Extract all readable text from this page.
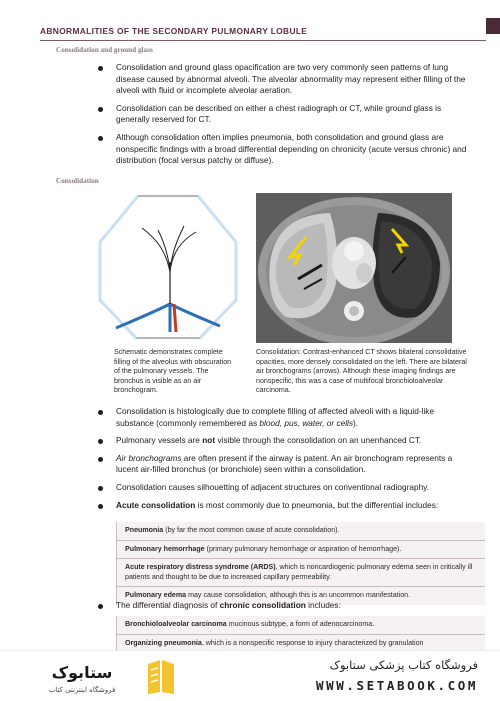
ABNORMALITIES OF THE SECONDARY PULMONARY LOBULE
Consolidation and ground glass
Consolidation and ground glass opacification are two very commonly seen patterns of lung disease caused by abnormal alveoli. The alveolar abnormality may represent either filling of the alveoli with fluid or incomplete alveolar aeration.
Consolidation can be described on either a chest radiograph or CT, while ground glass is generally reserved for CT.
Although consolidation often implies pneumonia, both consolidation and ground glass are nonspecific findings with a broad differential depending on chronicity (acute versus chronic) and distribution (focal versus patchy or diffuse).
Consolidation
Schematic demonstrates complete filling of the alveolus with obscuration of the pulmonary vessels. The bronchus is visible as an air bronchogram.
Consolidation: Contrast-enhanced CT shows bilateral consolidative opacities, more densely consolidated on the left. There are bilateral air bronchograms (arrows). Although these imaging findings are nonspecific, this was a case of multifocal bronchioloalveolar carcinoma.
Consolidation is histologically due to complete filling of affected alveoli with a liquid-like substance (commonly remembered as blood, pus, water, or cells).
Pulmonary vessels are not visible through the consolidation on an unenhanced CT.
Air bronchograms are often present if the airway is patent. An air bronchogram represents a lucent air-filled bronchus (or bronchiole) seen within a consolidation.
Consolidation causes silhouetting of adjacent structures on conventional radiography.
Acute consolidation is most commonly due to pneumonia, but the differential includes:
Pneumonia (by far the most common cause of acute consolidation).
Pulmonary hemorrhage (primary pulmonary hemorrhage or aspiration of hemorrhage).
Acute respiratory distress syndrome (ARDS), which is noncardiogenic pulmonary edema seen in critically ill patients and thought to be due to increased capillary permeability.
Pulmonary edema may cause consolidation, although this is an uncommon manifestation.
The differential diagnosis of chronic consolidation includes:
Bronchioloalveolar carcinoma mucinous subtype, a form of adenocarcinoma.
Organizing pneumonia, which is a nonspecific response to injury characterized by granulation
ستابوک
فروشگاه اینترنتی کتاب
فروشگاه کتاب پزشکی ستابوک
WWW.SETABOOK.COM
